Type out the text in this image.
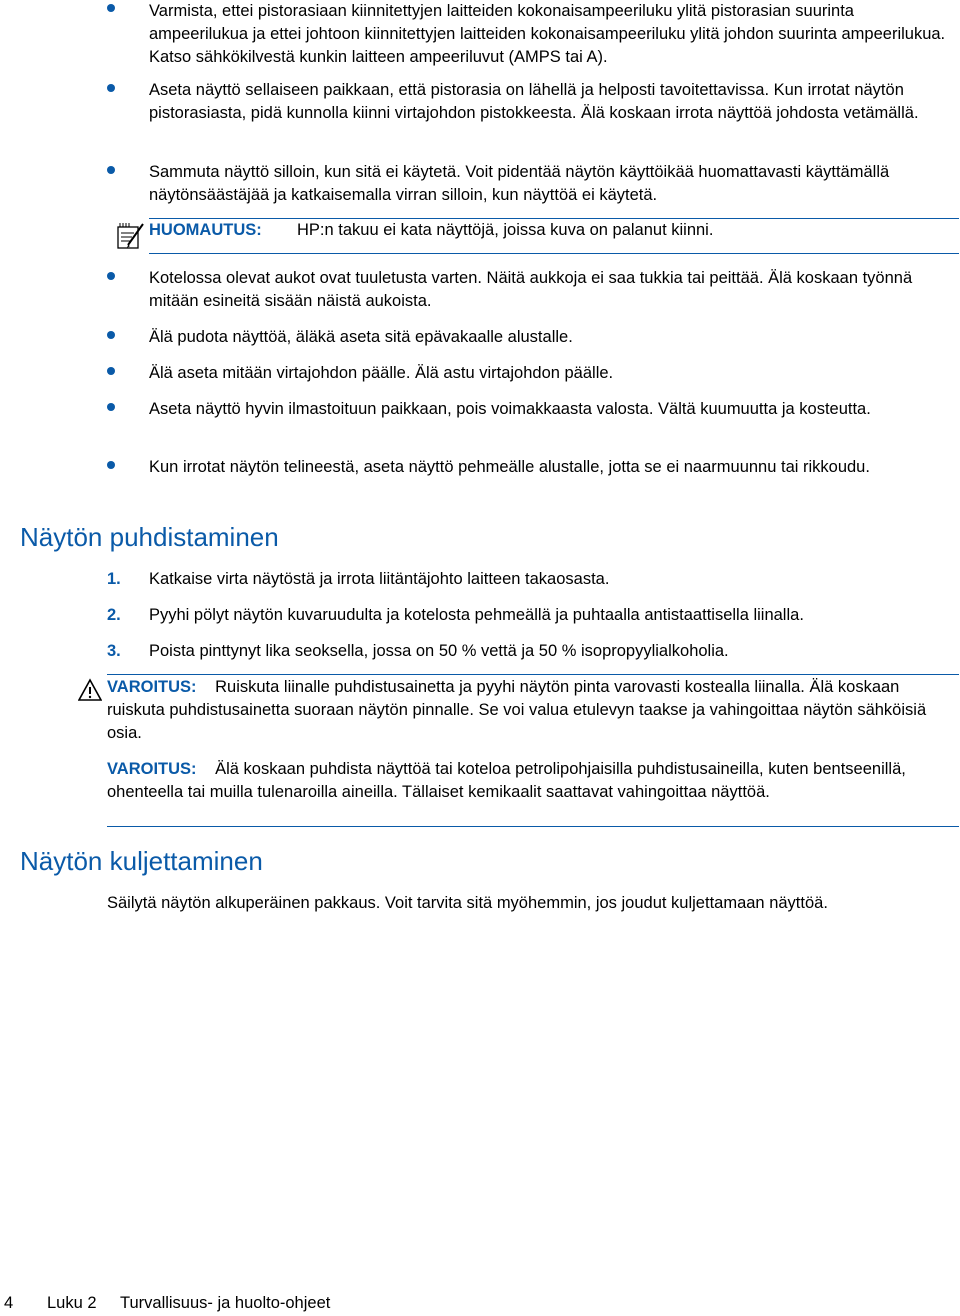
Varmista, ettei pistorasiaan kiinnitettyjen laitteiden kokonaisampeeriluku ylitä pistorasian suurinta ampeerilukua ja ettei johtoon kiinnitettyjen laitteiden kokonaisampeeriluku ylitä johdon suurinta ampeerilukua. Katso sähkökilvestä kunkin laitteen ampeeriluvut (AMPS tai A).
Aseta näyttö sellaiseen paikkaan, että pistorasia on lähellä ja helposti tavoitettavissa. Kun irrotat näytön pistorasiasta, pidä kunnolla kiinni virtajohdon pistokkeesta. Älä koskaan irrota näyttöä johdosta vetämällä.
Sammuta näyttö silloin, kun sitä ei käytetä. Voit pidentää näytön käyttöikää huomattavasti käyttämällä näytönsäästäjää ja katkaisemalla virran silloin, kun näyttöä ei käytetä.
HUOMAUTUS: HP:n takuu ei kata näyttöjä, joissa kuva on palanut kiinni.
Kotelossa olevat aukot ovat tuuletusta varten. Näitä aukkoja ei saa tukkia tai peittää. Älä koskaan työnnä mitään esineitä sisään näistä aukoista.
Älä pudota näyttöä, äläkä aseta sitä epävakaalle alustalle.
Älä aseta mitään virtajohdon päälle. Älä astu virtajohdon päälle.
Aseta näyttö hyvin ilmastoituun paikkaan, pois voimakkaasta valosta. Vältä kuumuutta ja kosteutta.
Kun irrotat näytön telineestä, aseta näyttö pehmeälle alustalle, jotta se ei naarmuunnu tai rikkoudu.
Näytön puhdistaminen
1. Katkaise virta näytöstä ja irrota liitäntäjohto laitteen takaosasta.
2. Pyyhi pölyt näytön kuvaruudulta ja kotelosta pehmeällä ja puhtaalla antistaattisella liinalla.
3. Poista pinttynyt lika seoksella, jossa on 50 % vettä ja 50 % isopropyylialkoholia.
VAROITUS: Ruiskuta liinalle puhdistusainetta ja pyyhi näytön pinta varovasti kostealla liinalla. Älä koskaan ruiskuta puhdistusainetta suoraan näytön pinnalle. Se voi valua etulevyn taakse ja vahingoittaa näytön sähköisiä osia.
VAROITUS: Älä koskaan puhdista näyttöä tai koteloa petrolipohjaisilla puhdistusaineilla, kuten bentseenillä, ohenteella tai muilla tulenaroilla aineilla. Tällaiset kemikaalit saattavat vahingoittaa näyttöä.
Näytön kuljettaminen
Säilytä näytön alkuperäinen pakkaus. Voit tarvita sitä myöhemmin, jos joudut kuljettamaan näyttöä.
4 Luku 2 Turvallisuus- ja huolto-ohjeet
